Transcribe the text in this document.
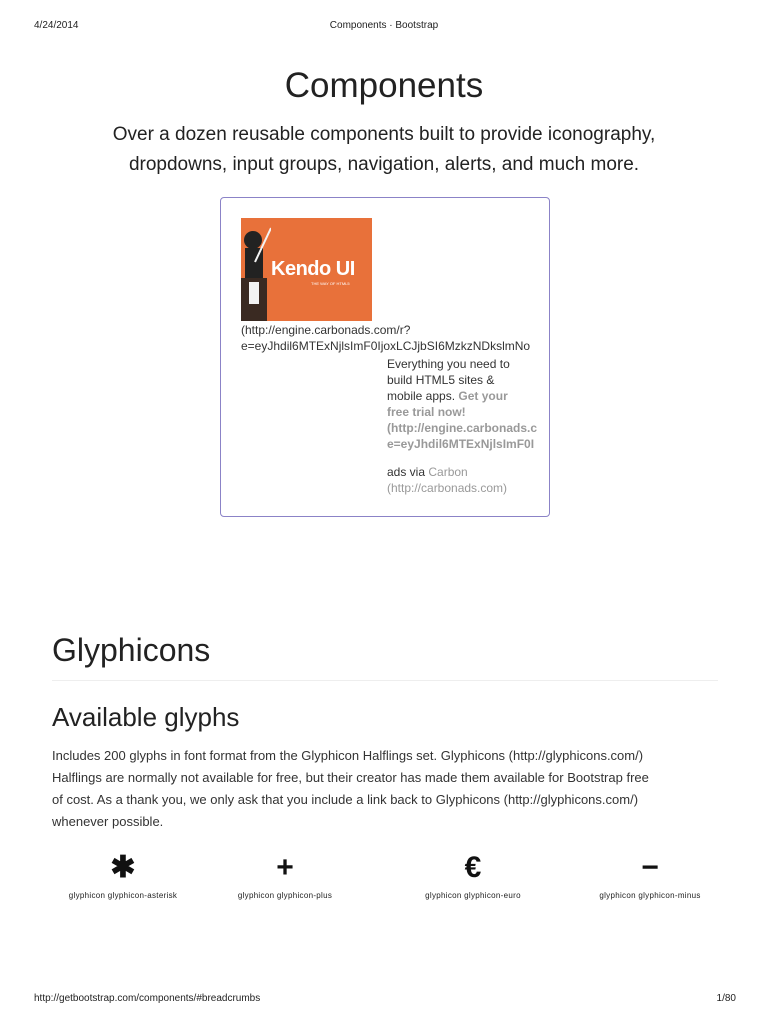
4/24/2014	Components · Bootstrap
Components
Over a dozen reusable components built to provide iconography,
dropdowns, input groups, navigation, alerts, and much more.
Kendo UI
THE WAY OF HTML5
(http://engine.carbonads.com/r?
e=eyJhdil6MTExNjlsImF0IjoxLCJjbSI6MzkzNDkslmNo
Everything you need to
build HTML5 sites &
mobile apps. Get your
free trial now!
(http://engine.carbonads.c
e=eyJhdil6MTExNjlsImF0I
ads via Carbon
(http://carbonads.com)
Glyphicons
Available glyphs
Includes 200 glyphs in font format from the Glyphicon Halflings set. Glyphicons (http://glyphicons.com/)
Halflings are normally not available for free, but their creator has made them available for Bootstrap free
of cost. As a thank you, we only ask that you include a link back to Glyphicons (http://glyphicons.com/)
whenever possible.
✱
glyphicon glyphicon-asterisk
+
glyphicon glyphicon-plus
€
glyphicon glyphicon-euro
−
glyphicon glyphicon-minus
http://getbootstrap.com/components/#breadcrumbs	1/80
